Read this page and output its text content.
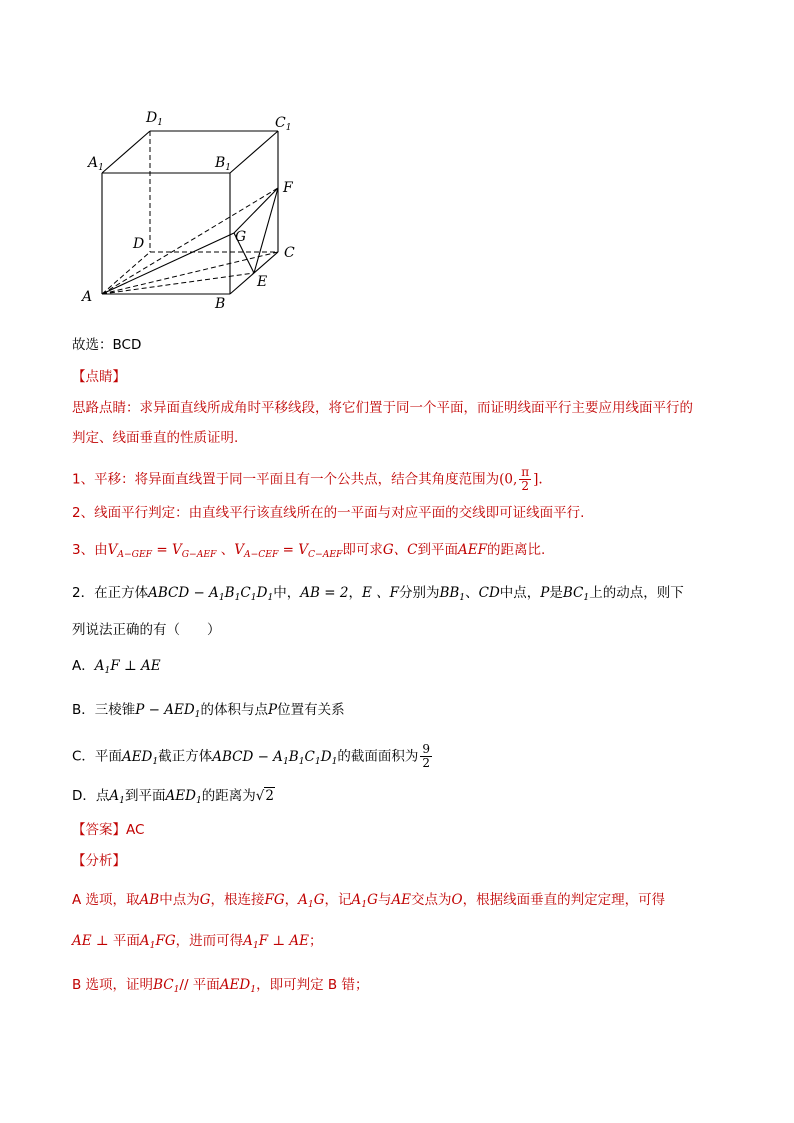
$D_1$	$C_1$
$A_1$	$B_1$
F
G
D
C
E
A	B
故选：BCD
【点睛】
思路点睛：求异面直线所成角时平移线段，将它们置于同一个平面，而证明线面平行主要应用线面平行的
判定、线面垂直的性质证明.
1、平移：将异面直线置于同一平面且有一个公共点，结合其角度范围为(0, $\frac{\pi}{2}$ ].
2、线面平行判定：由直线平行该直线所在的一平面与对应平面的交线即可证线面平行.
3、由$V_{A-GEF} = V_{G-AEF}$ 、$V_{A-CEF} = V_{C-AEF}$即可求G、C到平面AEF的距离比.
2．在正方体ABCD − $A_1B_1C_1D_1$中，AB = 2，E 、F分别为$BB_1$、CD中点，P是$BC_1$上的动点，则下
列说法正确的有（　　）
A．$A_1F$ ⊥ AE
B．三棱锥$P - AED_1$的体积与点P位置有关系
C．平面$AED_1$截正方体ABCD − $A_1B_1C_1D_1$的截面面积为 $\frac{9}{2}$
D．点$A_1$到平面$AED_1$的距离为√2
【答案】AC
【分析】
A 选项，取AB中点为G，根连接FG，$A_1G$，记$A_1G$与AE交点为O，根据线面垂直的判定定理，可得
AE ⊥ 平面$A_1FG$，进而可得$A_1F$ ⊥ AE；
B 选项，证明$BC_1//$ 平面$AED_1$，即可判定 B 错；
